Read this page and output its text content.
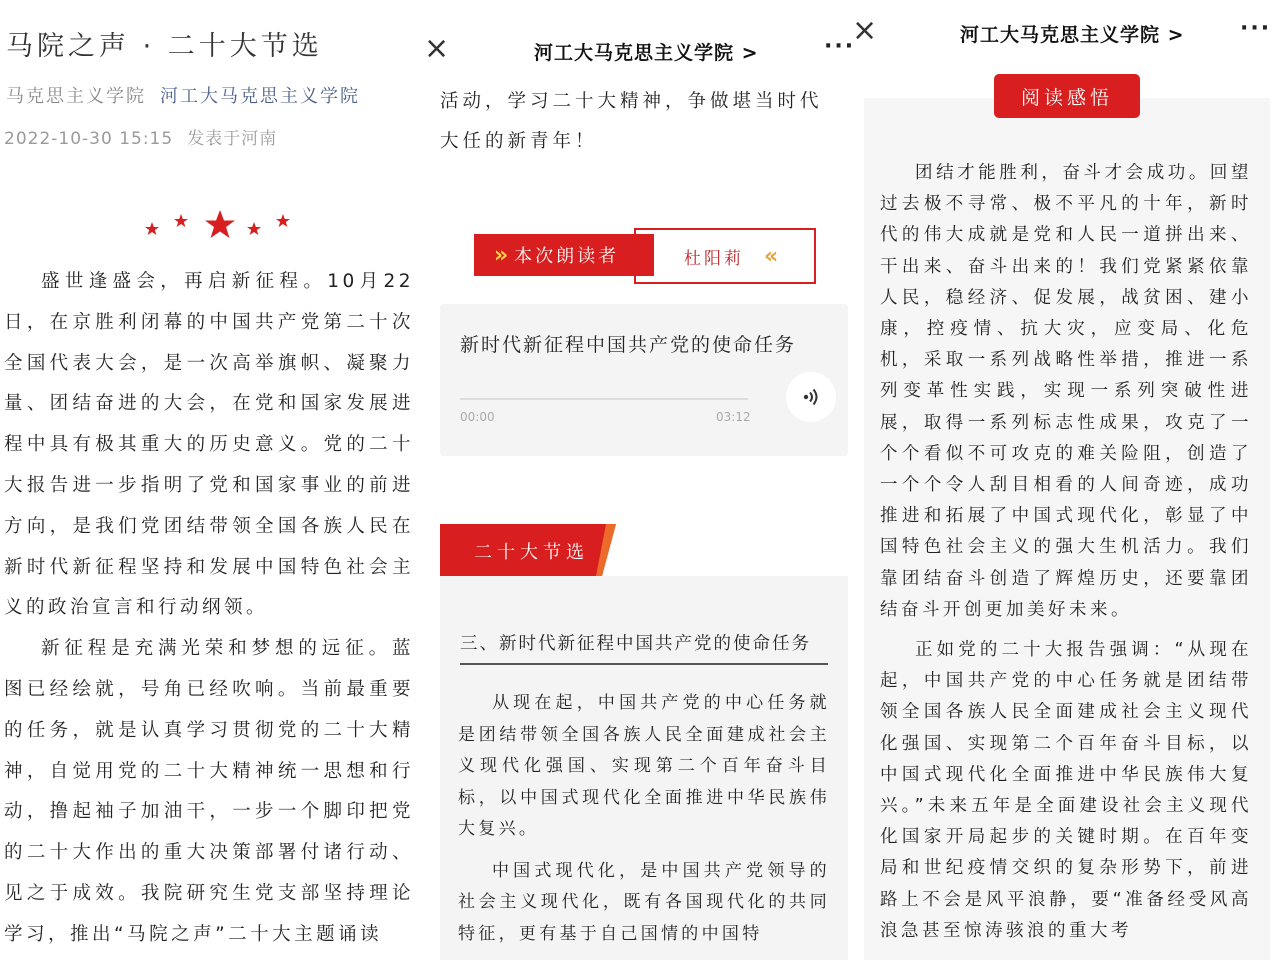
马院之声 · 二十大节选
马克思主义学院 河工大马克思主义学院
2022-10-30 15:15 发表于河南

盛世逢盛会，再启新征程。10月22日，在京胜利闭幕的中国共产党第二十次全国代表大会，是一次高举旗帜、凝聚力量、团结奋进的大会，在党和国家发展进程中具有极其重大的历史意义。党的二十大报告进一步指明了党和国家事业的前进方向，是我们党团结带领全国各族人民在新时代新征程坚持和发展中国特色社会主义的政治宣言和行动纲领。

新征程是充满光荣和梦想的远征。蓝图已经绘就，号角已经吹响。当前最重要的任务，就是认真学习贯彻党的二十大精神，自觉用党的二十大精神统一思想和行动，撸起袖子加油干，一步一个脚印把党的二十大作出的重大决策部署付诸行动、见之于成效。我院研究生党支部坚持理论学习，推出“马院之声”二十大主题诵读

×	河工大马克思主义学院 >	···
活动，学习二十大精神，争做堪当时代大任的新青年！
杜阳莉 ‹‹
›› 本次朗读者
新时代新征程中国共产党的使命任务
00:00	03:12
二十大节选
三、新时代新征程中国共产党的使命任务

从现在起，中国共产党的中心任务就是团结带领全国各族人民全面建成社会主义现代化强国、实现第二个百年奋斗目标，以中国式现代化全面推进中华民族伟大复兴。

中国式现代化，是中国共产党领导的社会主义现代化，既有各国现代化的共同特征，更有基于自己国情的中国特

×	河工大马克思主义学院 >	···
阅读感悟

团结才能胜利，奋斗才会成功。回望过去极不寻常、极不平凡的十年，新时代的伟大成就是党和人民一道拼出来、干出来、奋斗出来的！我们党紧紧依靠人民，稳经济、促发展，战贫困、建小康，控疫情、抗大灾，应变局、化危机，采取一系列战略性举措，推进一系列变革性实践，实现一系列突破性进展，取得一系列标志性成果，攻克了一个个看似不可攻克的难关险阻，创造了一个个令人刮目相看的人间奇迹，成功推进和拓展了中国式现代化，彰显了中国特色社会主义的强大生机活力。我们靠团结奋斗创造了辉煌历史，还要靠团结奋斗开创更加美好未来。

正如党的二十大报告强调：“从现在起，中国共产党的中心任务就是团结带领全国各族人民全面建成社会主义现代化强国、实现第二个百年奋斗目标，以中国式现代化全面推进中华民族伟大复兴。”未来五年是全面建设社会主义现代化国家开局起步的关键时期。在百年变局和世纪疫情交织的复杂形势下，前进路上不会是风平浪静，要“准备经受风高浪急甚至惊涛骇浪的重大考
